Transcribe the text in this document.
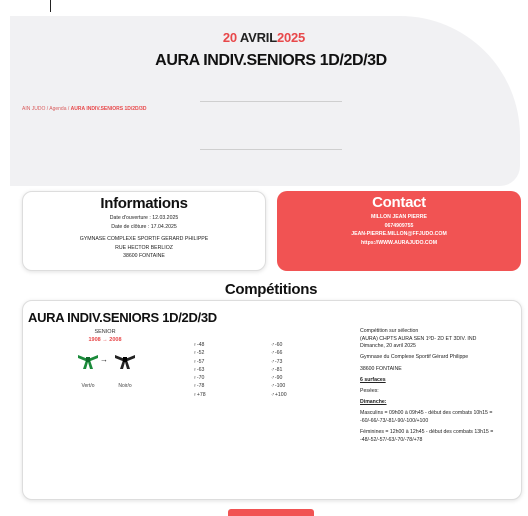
20 AVRIL2025
AURA INDIV.SENIORS 1D/2D/3D
AIN JUDO / Agenda / AURA INDIV.SENIORS 1D/2D/3D
Informations
Date d'ouverture : 12.03.2025
Date de clôture : 17.04.2025
GYMNASE COMPLEXE SPORTIF GERARD PHILIPPE
RUE HECTOR BERLIOZ
38600 FONTAINE
Contact
MILLON JEAN PIERRE
0674909755
JEAN-PIERRE.MILLON@FFJUDO.COM
https://WWW.AURAJUDO.COM
Compétitions
AURA INDIV.SENIORS 1D/2D/3D
SENIOR
1908 → 2008
→
Vert/o	Noir/o
♀-48
♀-52
♀-57
♀-63
♀-70
♀-78
♀+78
♂-60
♂-66
♂-73
♂-81
♂-90
♂-100
♂+100

Compétition sur sélection
(AURA) CHPTS AURA SEN 1ºD- 2D ET 3DIV. IND
Dimanche, 20 avril 2025

Gymnase du Complexe Sportif Gérard Philippe

38600 FONTAINE

6 surfaces

Pesées:

Dimanche:

Masculins = 09h00 à 09h45 - début des combats 10h15 =
-60/-66/-73/-81/-90/-100/+100

Féminines = 12h00 à 12h45 - début des combats 13h15 =
-48/-52/-57/-63/-70/-78/+78
